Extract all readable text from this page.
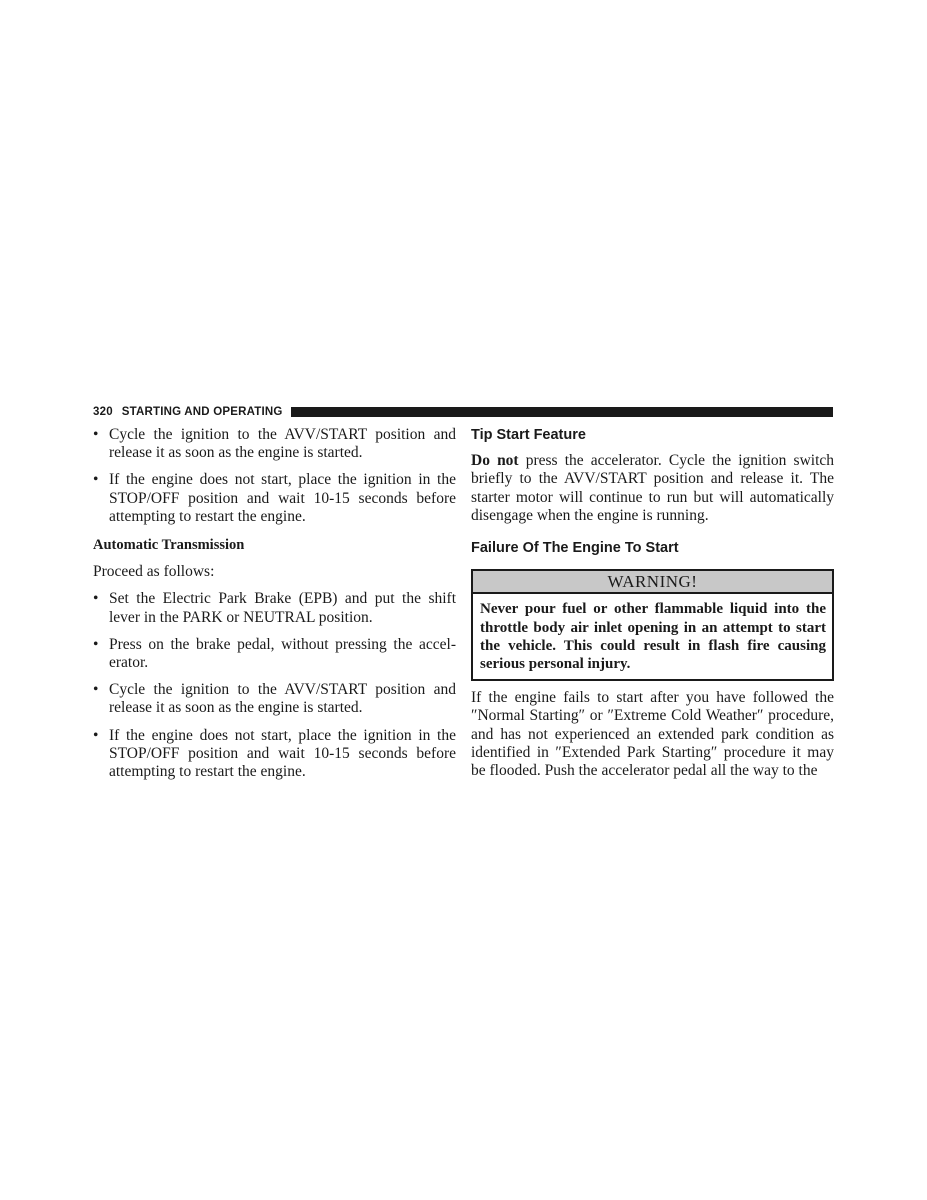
320 STARTING AND OPERATING
• Cycle the ignition to the AVV/START position and release it as soon as the engine is started.
• If the engine does not start, place the ignition in the STOP/OFF position and wait 10-15 seconds before attempting to restart the engine.
Automatic Transmission

Proceed as follows:

• Set the Electric Park Brake (EPB) and put the shift lever in the PARK or NEUTRAL position.
• Press on the brake pedal, without pressing the accel-erator.
• Cycle the ignition to the AVV/START position and release it as soon as the engine is started.
• If the engine does not start, place the ignition in the STOP/OFF position and wait 10-15 seconds before attempting to restart the engine.
Tip Start Feature

Do not press the accelerator. Cycle the ignition switch briefly to the AVV/START position and release it. The starter motor will continue to run but will automatically disengage when the engine is running.

Failure Of The Engine To Start
WARNING!
Never pour fuel or other flammable liquid into the throttle body air inlet opening in an attempt to start the vehicle. This could result in flash fire causing serious personal injury.

If the engine fails to start after you have followed the ″Normal Starting″ or ″Extreme Cold Weather″ procedure, and has not experienced an extended park condition as identified in ″Extended Park Starting″ procedure it may be flooded. Push the accelerator pedal all the way to the
